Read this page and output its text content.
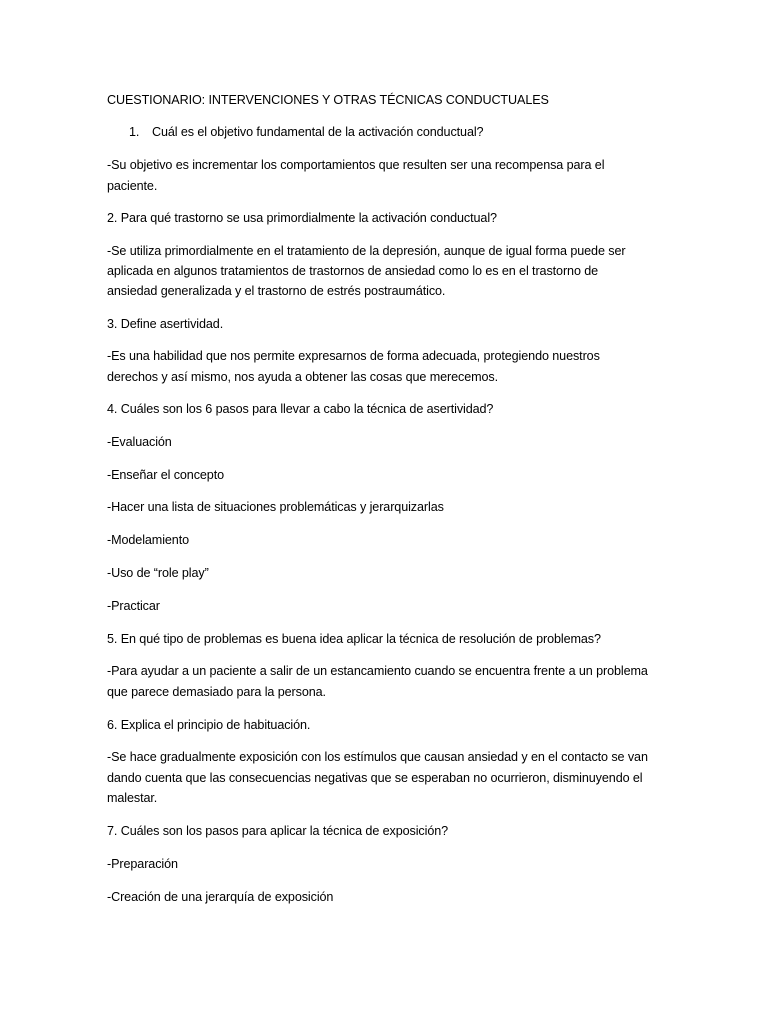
CUESTIONARIO: INTERVENCIONES Y OTRAS TÉCNICAS CONDUCTUALES
1. Cuál es el objetivo fundamental de la activación conductual?
-Su objetivo es incrementar los comportamientos que resulten ser una recompensa para el
paciente.
2. Para qué trastorno se usa primordialmente la activación conductual?
-Se utiliza primordialmente en el tratamiento de la depresión, aunque de igual forma puede ser
aplicada en algunos tratamientos de trastornos de ansiedad como lo es en el trastorno de
ansiedad generalizada y el trastorno de estrés postraumático.
3. Define asertividad.
-Es una habilidad que nos permite expresarnos de forma adecuada, protegiendo nuestros
derechos y así mismo, nos ayuda a obtener las cosas que merecemos.
4. Cuáles son los 6 pasos para llevar a cabo la técnica de asertividad?
-Evaluación
-Enseñar el concepto
-Hacer una lista de situaciones problemáticas y jerarquizarlas
-Modelamiento
-Uso de “role play”
-Practicar
5. En qué tipo de problemas es buena idea aplicar la técnica de resolución de problemas?
-Para ayudar a un paciente a salir de un estancamiento cuando se encuentra frente a un problema
que parece demasiado para la persona.
6. Explica el principio de habituación.
-Se hace gradualmente exposición con los estímulos que causan ansiedad y en el contacto se van
dando cuenta que las consecuencias negativas que se esperaban no ocurrieron, disminuyendo el
malestar.
7. Cuáles son los pasos para aplicar la técnica de exposición?
-Preparación
-Creación de una jerarquía de exposición
